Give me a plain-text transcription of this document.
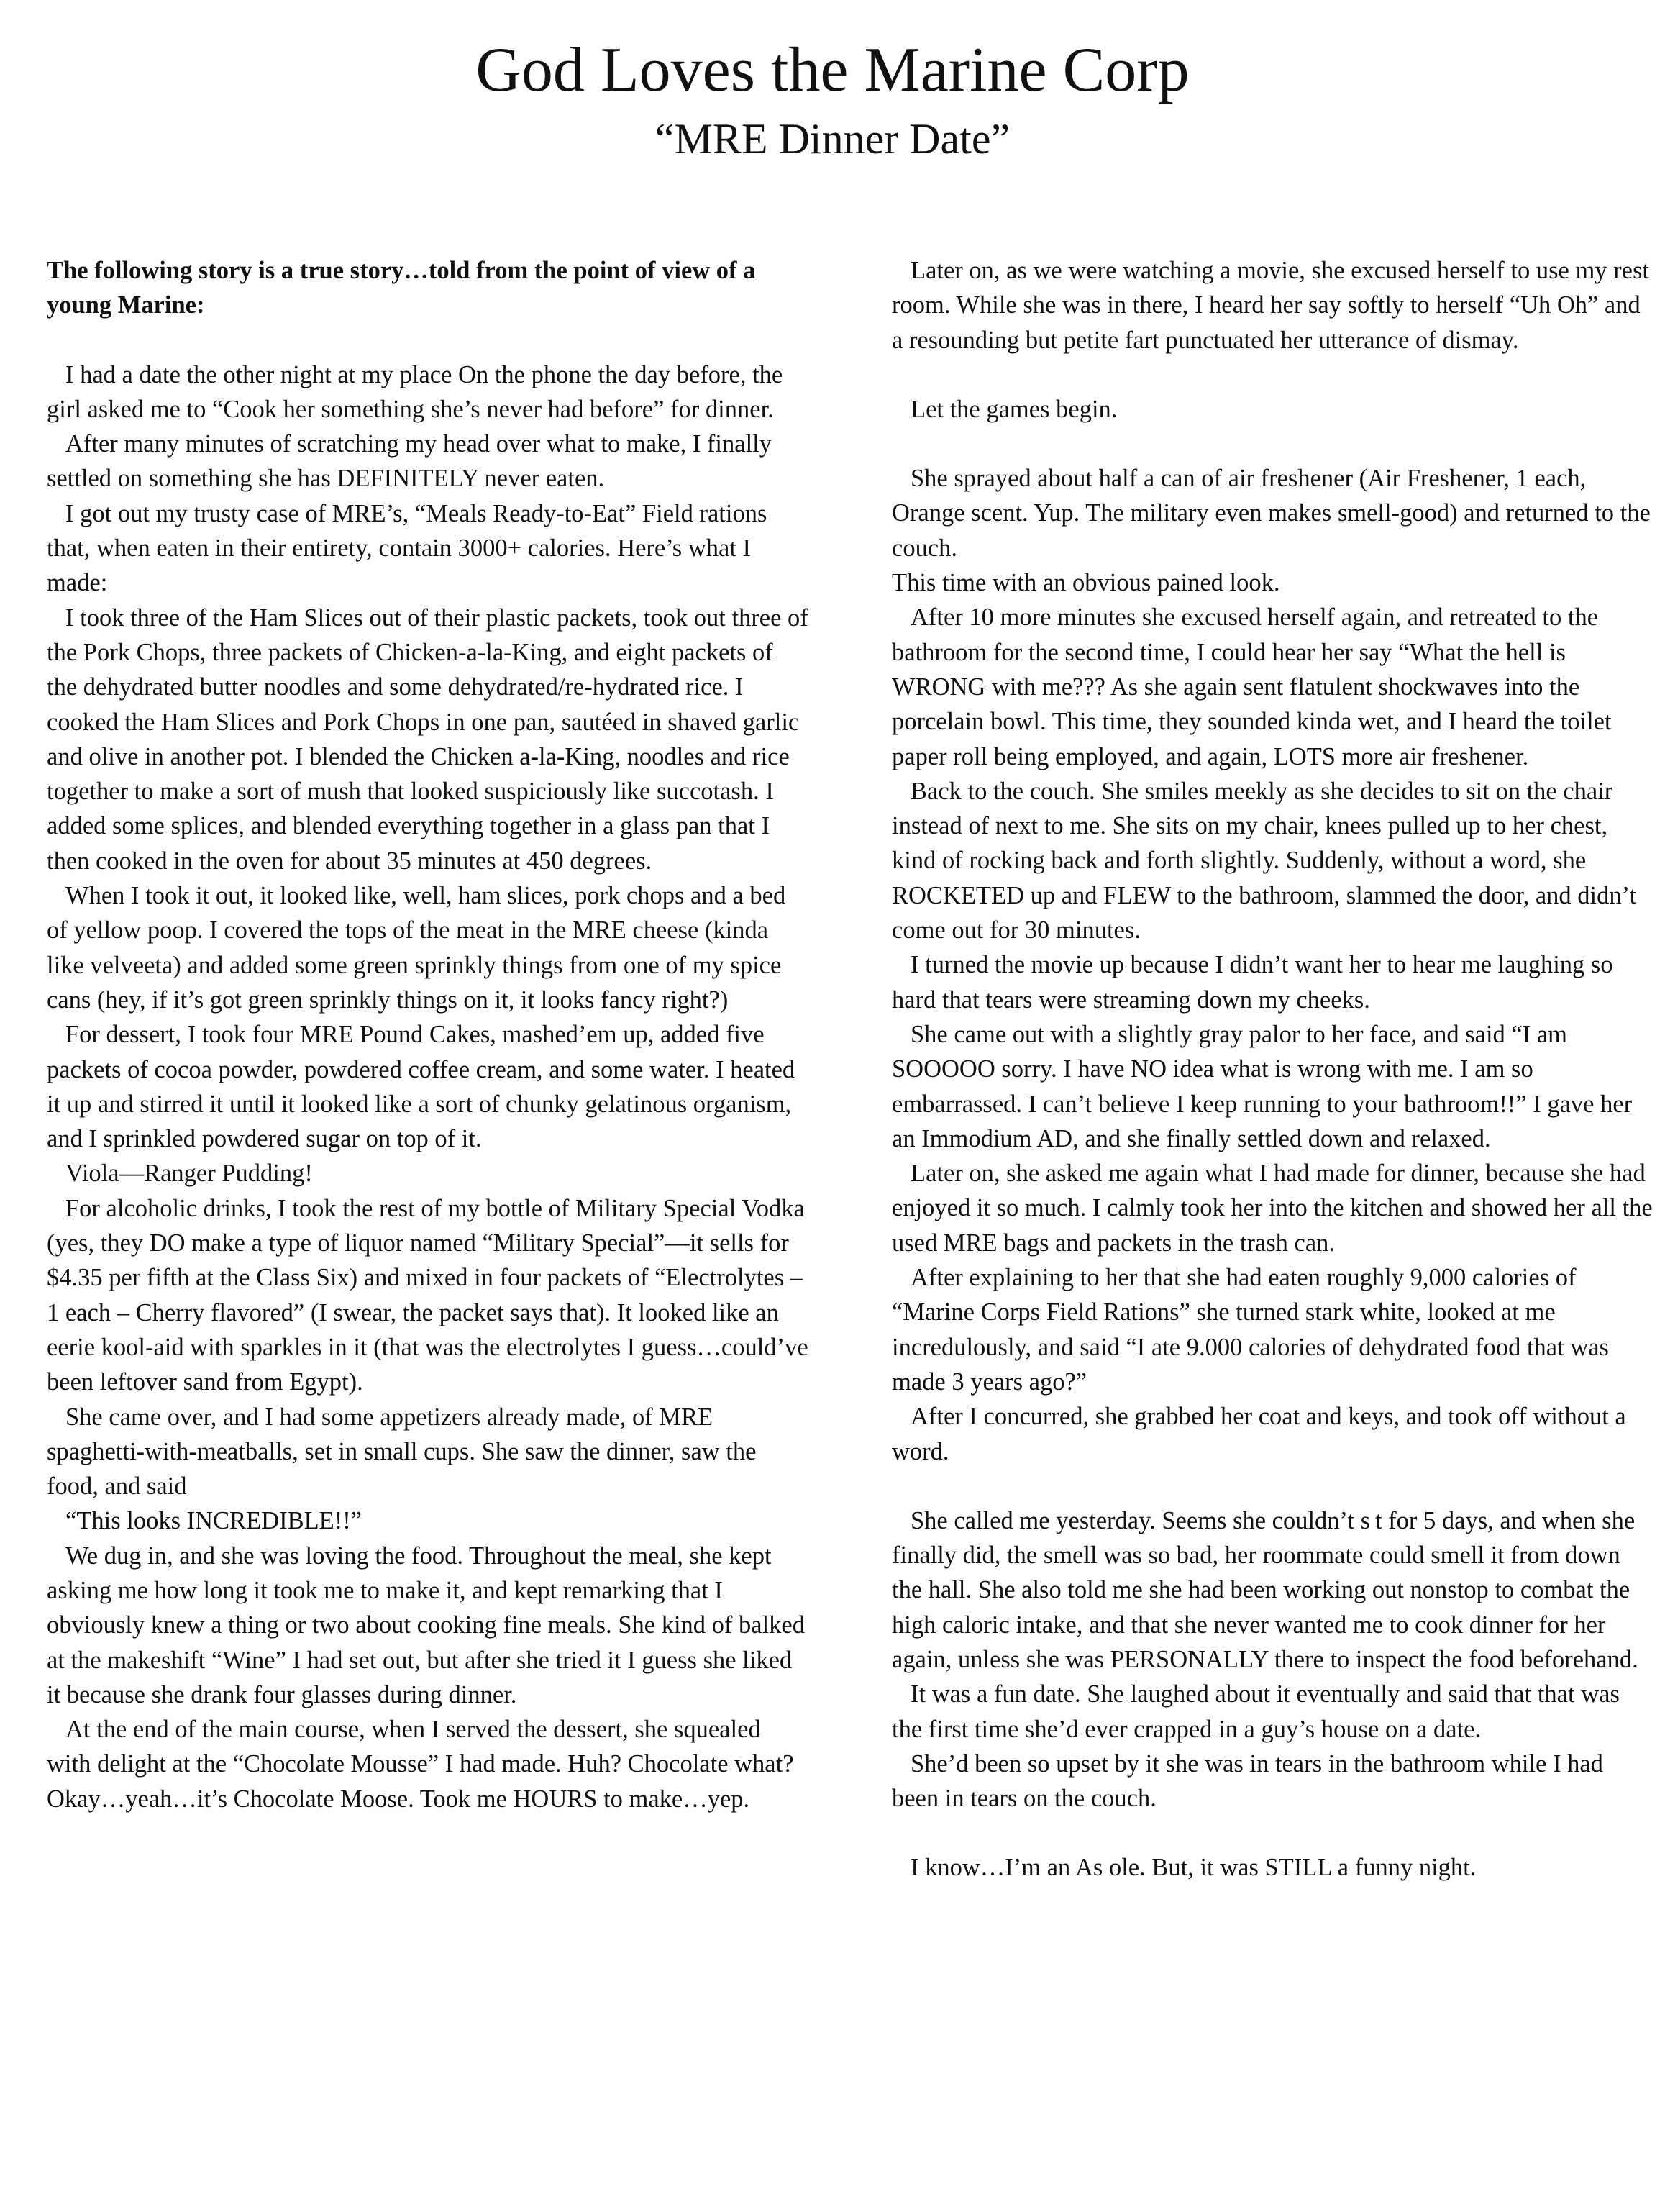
God Loves the Marine Corp
“MRE Dinner Date”

The following story is a true story…told from the point of view of a young Marine:

I had a date the other night at my place On the phone the day before, the girl asked me to “Cook her something she’s never had before” for dinner.

After many minutes of scratching my head over what to make, I finally settled on something she has DEFINITELY never eaten.

I got out my trusty case of MRE’s, “Meals Ready-to-Eat” Field rations that, when eaten in their entirety, contain 3000+ calories. Here’s what I made:

I took three of the Ham Slices out of their plastic packets, took out three of the Pork Chops, three packets of Chicken-a-la-King, and eight packets of the dehydrated butter noodles and some dehydrated/re-hydrated rice. I cooked the Ham Slices and Pork Chops in one pan, sautéed in shaved garlic and olive in another pot. I blended the Chicken a-la-King, noodles and rice together to make a sort of mush that looked suspiciously like succotash. I added some splices, and blended everything together in a glass pan that I then cooked in the oven for about 35 minutes at 450 degrees.

When I took it out, it looked like, well, ham slices, pork chops and a bed of yellow poop. I covered the tops of the meat in the MRE cheese (kinda like velveeta) and added some green sprinkly things from one of my spice cans (hey, if it’s got green sprinkly things on it, it looks fancy right?)

For dessert, I took four MRE Pound Cakes, mashed’em up, added five packets of cocoa powder, powdered coffee cream, and some water. I heated it up and stirred it until it looked like a sort of chunky gelatinous organism, and I sprinkled powdered sugar on top of it.

Viola—Ranger Pudding!

For alcoholic drinks, I took the rest of my bottle of Military Special Vodka (yes, they DO make a type of liquor named “Military Special”—it sells for $4.35 per fifth at the Class Six) and mixed in four packets of “Electrolytes – 1 each – Cherry flavored” (I swear, the packet says that). It looked like an eerie kool-aid with sparkles in it (that was the electrolytes I guess…could’ve been leftover sand from Egypt).

She came over, and I had some appetizers already made, of MRE spaghetti-with-meatballs, set in small cups. She saw the dinner, saw the food, and said

“This looks INCREDIBLE!!”

We dug in, and she was loving the food. Throughout the meal, she kept asking me how long it took me to make it, and kept remarking that I obviously knew a thing or two about cooking fine meals. She kind of balked at the makeshift “Wine” I had set out, but after she tried it I guess she liked it because she drank four glasses during dinner.

At the end of the main course, when I served the dessert, she squealed with delight at the “Chocolate Mousse” I had made. Huh? Chocolate what? Okay…yeah…it’s Chocolate Moose. Took me HOURS to make…yep.

Later on, as we were watching a movie, she excused herself to use my rest room. While she was in there, I heard her say softly to herself “Uh Oh” and a resounding but petite fart punctuated her utterance of dismay.

Let the games begin.

She sprayed about half a can of air freshener (Air Freshener, 1 each, Orange scent. Yup. The military even makes smell-good) and returned to the couch.

This time with an obvious pained look.

After 10 more minutes she excused herself again, and retreated to the bathroom for the second time, I could hear her say “What the hell is WRONG with me??? As she again sent flatulent shockwaves into the porcelain bowl. This time, they sounded kinda wet, and I heard the toilet paper roll being employed, and again, LOTS more air freshener.

Back to the couch. She smiles meekly as she decides to sit on the chair instead of next to me. She sits on my chair, knees pulled up to her chest, kind of rocking back and forth slightly. Suddenly, without a word, she ROCKETED up and FLEW to the bathroom, slammed the door, and didn’t come out for 30 minutes.

I turned the movie up because I didn’t want her to hear me laughing so hard that tears were streaming down my cheeks.

She came out with a slightly gray palor to her face, and said “I am SOOOOO sorry. I have NO idea what is wrong with me. I am so embarrassed. I can’t believe I keep running to your bathroom!!” I gave her an Immodium AD, and she finally settled down and relaxed.

Later on, she asked me again what I had made for dinner, because she had enjoyed it so much. I calmly took her into the kitchen and showed her all the used MRE bags and packets in the trash can.

After explaining to her that she had eaten roughly 9,000 calories of “Marine Corps Field Rations” she turned stark white, looked at me incredulously, and said “I ate 9.000 calories of dehydrated food that was made 3 years ago?”

After I concurred, she grabbed her coat and keys, and took off without a word.

She called me yesterday. Seems she couldn’t s t for 5 days, and when she finally did, the smell was so bad, her roommate could smell it from down the hall. She also told me she had been working out nonstop to combat the high caloric intake, and that she never wanted me to cook dinner for her again, unless she was PERSONALLY there to inspect the food beforehand.

It was a fun date. She laughed about it eventually and said that that was the first time she’d ever crapped in a guy’s house on a date.

She’d been so upset by it she was in tears in the bathroom while I had been in tears on the couch.

I know…I’m an As ole. But, it was STILL a funny night.
